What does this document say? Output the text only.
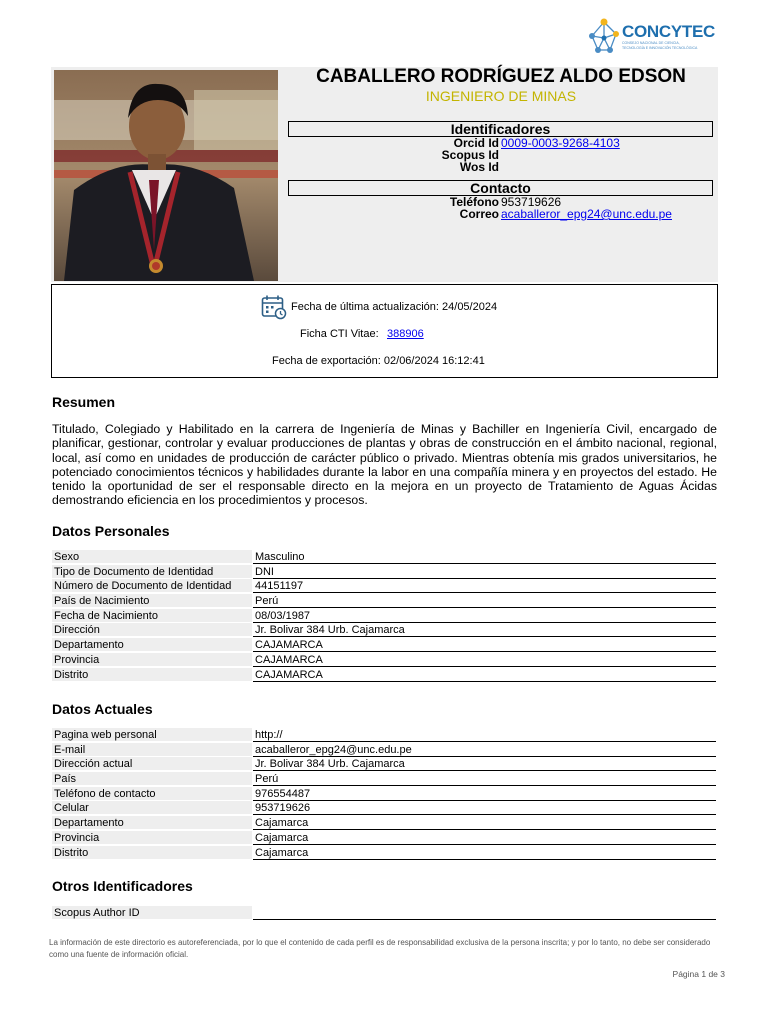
CONCYTEC
CONSEJO NACIONAL DE CIENCIA,
TECNOLOGÍA E INNOVACIÓN TECNOLÓGICA
CABALLERO RODRÍGUEZ ALDO EDSON
INGENIERO DE MINAS
Identificadores
Orcid Id 0009-0003-9268-4103
Scopus Id
Wos Id
Contacto
Teléfono 953719626
Correo acaballeror_epg24@unc.edu.pe
Fecha de última actualización: 24/05/2024
Ficha CTI Vitae: 388906
Fecha de exportación: 02/06/2024 16:12:41
Resumen
Titulado, Colegiado y Habilitado en la carrera de Ingeniería de Minas y Bachiller en Ingeniería Civil, encargado de planificar, gestionar, controlar y evaluar producciones de plantas y obras de construcción en el ámbito nacional, regional, local, así como en unidades de producción de carácter público o privado. Mientras obtenía mis grados universitarios, he potenciado conocimientos técnicos y habilidades durante la labor en una compañía minera y en proyectos del estado. He tenido la oportunidad de ser el responsable directo en la mejora en un proyecto de Tratamiento de Aguas Ácidas demostrando eficiencia en los procedimientos y procesos.
Datos Personales
Sexo	Masculino
Tipo de Documento de Identidad	DNI
Número de Documento de Identidad	44151197
País de Nacimiento	Perú
Fecha de Nacimiento	08/03/1987
Dirección	Jr. Bolivar 384 Urb. Cajamarca
Departamento	CAJAMARCA
Provincia	CAJAMARCA
Distrito	CAJAMARCA
Datos Actuales
Pagina web personal	http://
E-mail	acaballeror_epg24@unc.edu.pe
Dirección actual	Jr. Bolivar 384 Urb. Cajamarca
País	Perú
Teléfono de contacto	976554487
Celular	953719626
Departamento	Cajamarca
Provincia	Cajamarca
Distrito	Cajamarca
Otros Identificadores
Scopus Author ID
La información de este directorio es autoreferenciada, por lo que el contenido de cada perfil es de responsabilidad exclusiva de la persona inscrita; y por lo tanto, no debe ser considerado como una fuente de información oficial.
Página 1 de 3
